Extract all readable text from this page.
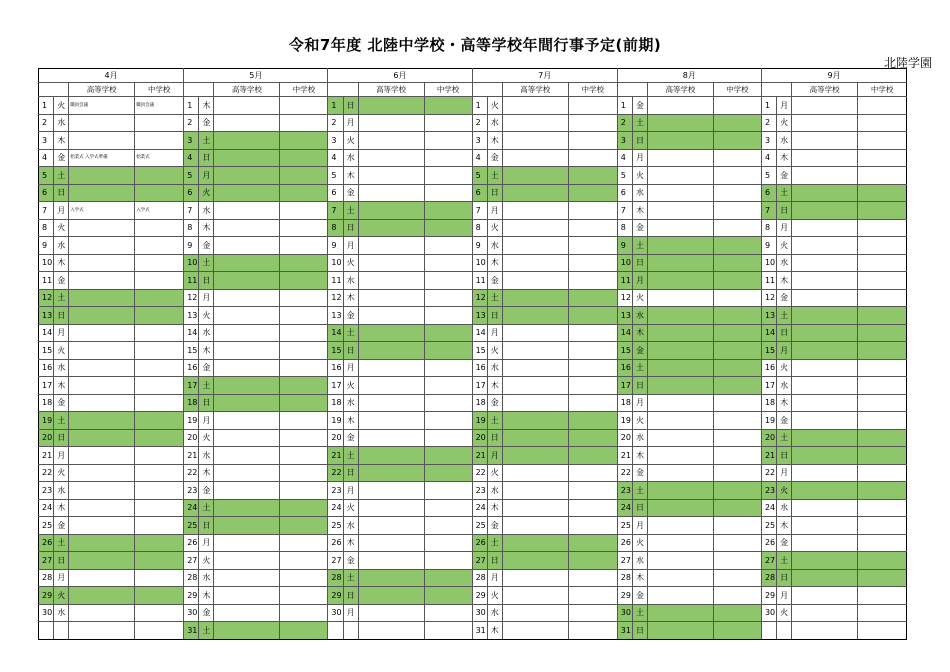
令和7年度 北陸中学校・高等学校年間行事予定(前期)
北陸学園
4月				5月				6月				7月				8月				9月			
		高等学校	中学校			高等学校	中学校			高等学校	中学校			高等学校	中学校			高等学校	中学校			高等学校	中学校
1	火	職員会議	職員会議	1	木			1	日			1	火			1	金			1	月		
2	水			2	金			2	月			2	水			2	土			2	火		
3	木			3	土			3	火			3	木			3	日			3	水		
4	金	始業式 入学式準備	始業式	4	日			4	水			4	金			4	月			4	木		
5	土			5	月			5	木			5	土			5	火			5	金		
6	日			6	火			6	金			6	日			6	水			6	土		
7	月	入学式	入学式	7	水			7	土			7	月			7	木			7	日		
8	火			8	木			8	日			8	火			8	金			8	月		
9	水			9	金			9	月			9	水			9	土			9	火		
10	木			10	土			10	火			10	木			10	日			10	水		
11	金			11	日			11	水			11	金			11	月			11	木		
12	土			12	月			12	木			12	土			12	火			12	金		
13	日			13	火			13	金			13	日			13	水			13	土		
14	月			14	水			14	土			14	月			14	木			14	日		
15	火			15	木			15	日			15	火			15	金			15	月		
16	水			16	金			16	月			16	水			16	土			16	火		
17	木			17	土			17	火			17	木			17	日			17	水		
18	金			18	日			18	水			18	金			18	月			18	木		
19	土			19	月			19	木			19	土			19	火			19	金		
20	日			20	火			20	金			20	日			20	水			20	土		
21	月			21	水			21	土			21	月			21	木			21	日		
22	火			22	木			22	日			22	火			22	金			22	月		
23	水			23	金			23	月			23	水			23	土			23	火		
24	木			24	土			24	火			24	木			24	日			24	水		
25	金			25	日			25	水			25	金			25	月			25	木		
26	土			26	月			26	木			26	土			26	火			26	金		
27	日			27	火			27	金			27	日			27	水			27	土		
28	月			28	水			28	土			28	月			28	木			28	日		
29	火			29	木			29	日			29	火			29	金			29	月		
30	水			30	金			30	月			30	水			30	土			30	火		
				31	土							31	木			31	日						
